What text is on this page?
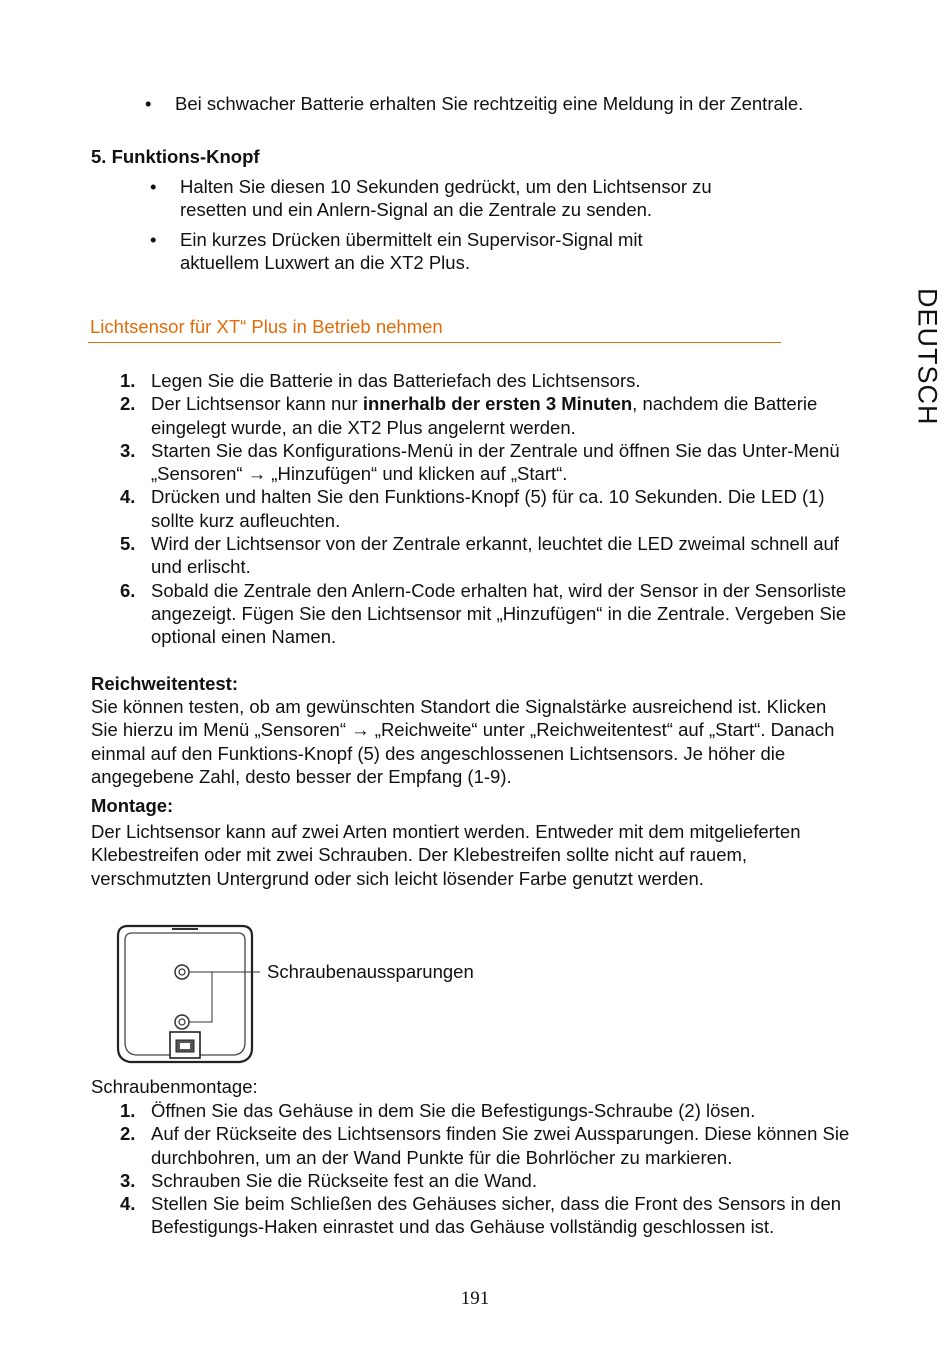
• Bei schwacher Batterie erhalten Sie rechtzeitig eine Meldung in der Zentrale.
5. Funktions-Knopf
• Halten Sie diesen 10 Sekunden gedrückt, um den Lichtsensor zu resetten und ein Anlern-Signal an die Zentrale zu senden.
• Ein kurzes Drücken übermittelt ein Supervisor-Signal mit aktuellem Luxwert an die XT2 Plus.
Lichtsensor für XT“ Plus in Betrieb nehmen
1. Legen Sie die Batterie in das Batteriefach des Lichtsensors.
2. Der Lichtsensor kann nur innerhalb der ersten 3 Minuten, nachdem die Batterie eingelegt wurde, an die XT2 Plus angelernt werden.
3. Starten Sie das Konfigurations-Menü in der Zentrale und öffnen Sie das Unter-Menü „Sensoren“ → „Hinzufügen“ und klicken auf „Start“.
4. Drücken und halten Sie den Funktions-Knopf (5) für ca. 10 Sekunden. Die LED (1) sollte kurz aufleuchten.
5. Wird der Lichtsensor von der Zentrale erkannt, leuchtet die LED zweimal schnell auf und erlischt.
6. Sobald die Zentrale den Anlern-Code erhalten hat, wird der Sensor in der Sensorliste angezeigt. Fügen Sie den Lichtsensor mit „Hinzufügen“ in die Zentrale. Vergeben Sie optional einen Namen.
Reichweitentest:

Sie können testen, ob am gewünschten Standort die Signalstärke ausreichend ist. Klicken Sie hierzu im Menü „Sensoren“ → „Reichweite“ unter „Reichweitentest“ auf „Start“. Danach einmal auf den Funktions-Knopf (5) des angeschlossenen Lichtsensors. Je höher die angegebene Zahl, desto besser der Empfang (1-9).

Montage:

Der Lichtsensor kann auf zwei Arten montiert werden. Entweder mit dem mitgelieferten Klebestreifen oder mit zwei Schrauben. Der Klebestreifen sollte nicht auf rauem, verschmutzten Untergrund oder sich leicht lösender Farbe genutzt werden.

Schraubenaussparungen
Schraubenmontage:
1. Öffnen Sie das Gehäuse in dem Sie die Befestigungs-Schraube (2) lösen.
2. Auf der Rückseite des Lichtsensors finden Sie zwei Aussparungen. Diese können Sie durchbohren, um an der Wand Punkte für die Bohrlöcher zu markieren.
3. Schrauben Sie die Rückseite fest an die Wand.
4. Stellen Sie beim Schließen des Gehäuses sicher, dass die Front des Sensors in den Befestigungs-Haken einrastet und das Gehäuse vollständig geschlossen ist.
191
DEUTSCH
